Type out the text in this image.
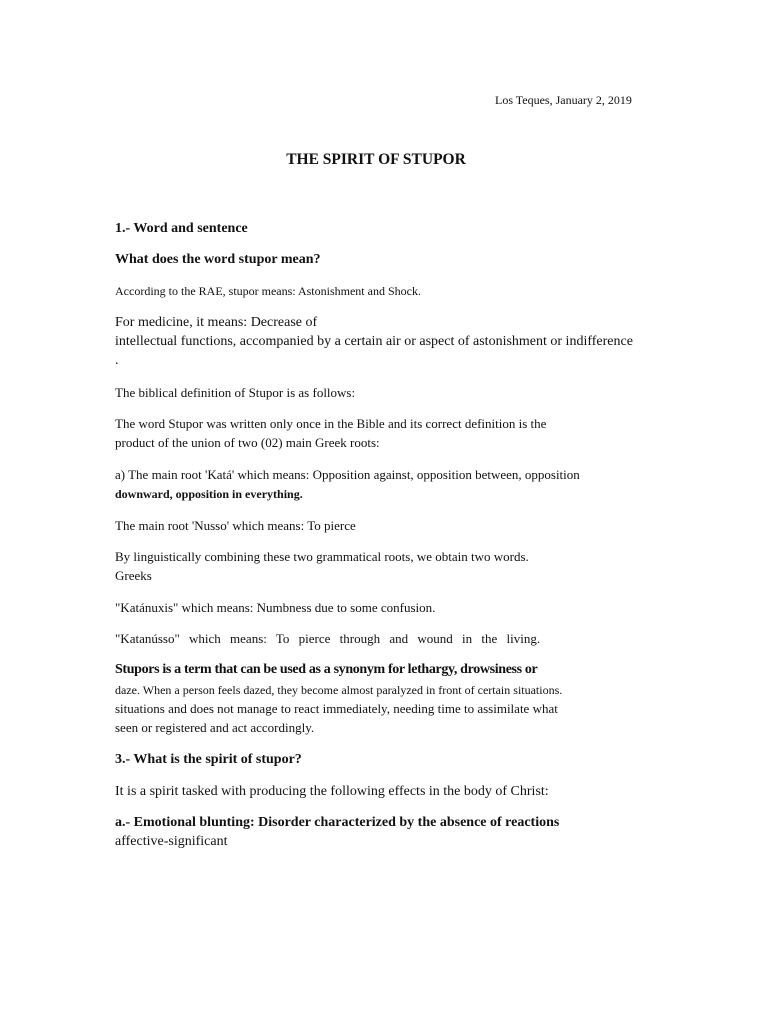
Los Teques, January 2, 2019
THE SPIRIT OF STUPOR
1.- Word and sentence
What does the word stupor mean?
According to the RAE, stupor means: Astonishment and Shock.
For medicine, it means: Decrease of
intellectual functions, accompanied by a certain air or aspect of astonishment or indifference
.
The biblical definition of Stupor is as follows:
The word Stupor was written only once in the Bible and its correct definition is the
product of the union of two (02) main Greek roots:
a) The main root 'Katá' which means: Opposition against, opposition between, opposition
downward, opposition in everything.
The main root 'Nusso' which means: To pierce
By linguistically combining these two grammatical roots, we obtain two words.
Greeks
"Katánuxis" which means: Numbness due to some confusion.
"Katanússo" which means: To pierce through and wound in the living.
Stupors is a term that can be used as a synonym for lethargy, drowsiness or
daze. When a person feels dazed, they become almost paralyzed in front of certain situations.
situations and does not manage to react immediately, needing time to assimilate what
seen or registered and act accordingly.
3.- What is the spirit of stupor?
It is a spirit tasked with producing the following effects in the body of Christ:
a.- Emotional blunting: Disorder characterized by the absence of reactions
affective-significant
